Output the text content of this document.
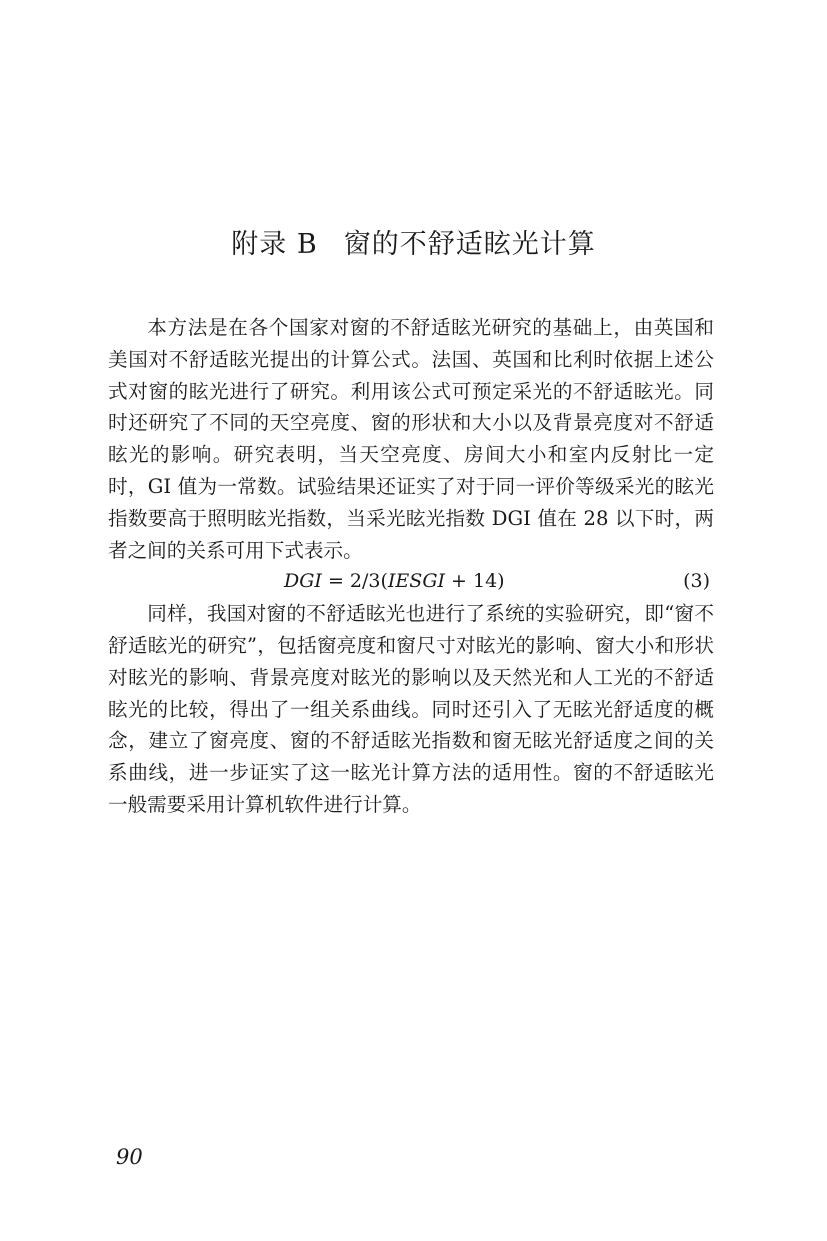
附录 B 窗的不舒适眩光计算

本方法是在各个国家对窗的不舒适眩光研究的基础上，由英国和美国对不舒适眩光提出的计算公式。法国、英国和比利时依据上述公式对窗的眩光进行了研究。利用该公式可预定采光的不舒适眩光。同时还研究了不同的天空亮度、窗的形状和大小以及背景亮度对不舒适眩光的影响。研究表明，当天空亮度、房间大小和室内反射比一定时，GI 值为一常数。试验结果还证实了对于同一评价等级采光的眩光指数要高于照明眩光指数，当采光眩光指数 DGI 值在 28 以下时，两者之间的关系可用下式表示。

DGI = 2/3(IESGI + 14)	(3)

同样，我国对窗的不舒适眩光也进行了系统的实验研究，即“窗不舒适眩光的研究”，包括窗亮度和窗尺寸对眩光的影响、窗大小和形状对眩光的影响、背景亮度对眩光的影响以及天然光和人工光的不舒适眩光的比较，得出了一组关系曲线。同时还引入了无眩光舒适度的概念，建立了窗亮度、窗的不舒适眩光指数和窗无眩光舒适度之间的关系曲线，进一步证实了这一眩光计算方法的适用性。窗的不舒适眩光一般需要采用计算机软件进行计算。

90
